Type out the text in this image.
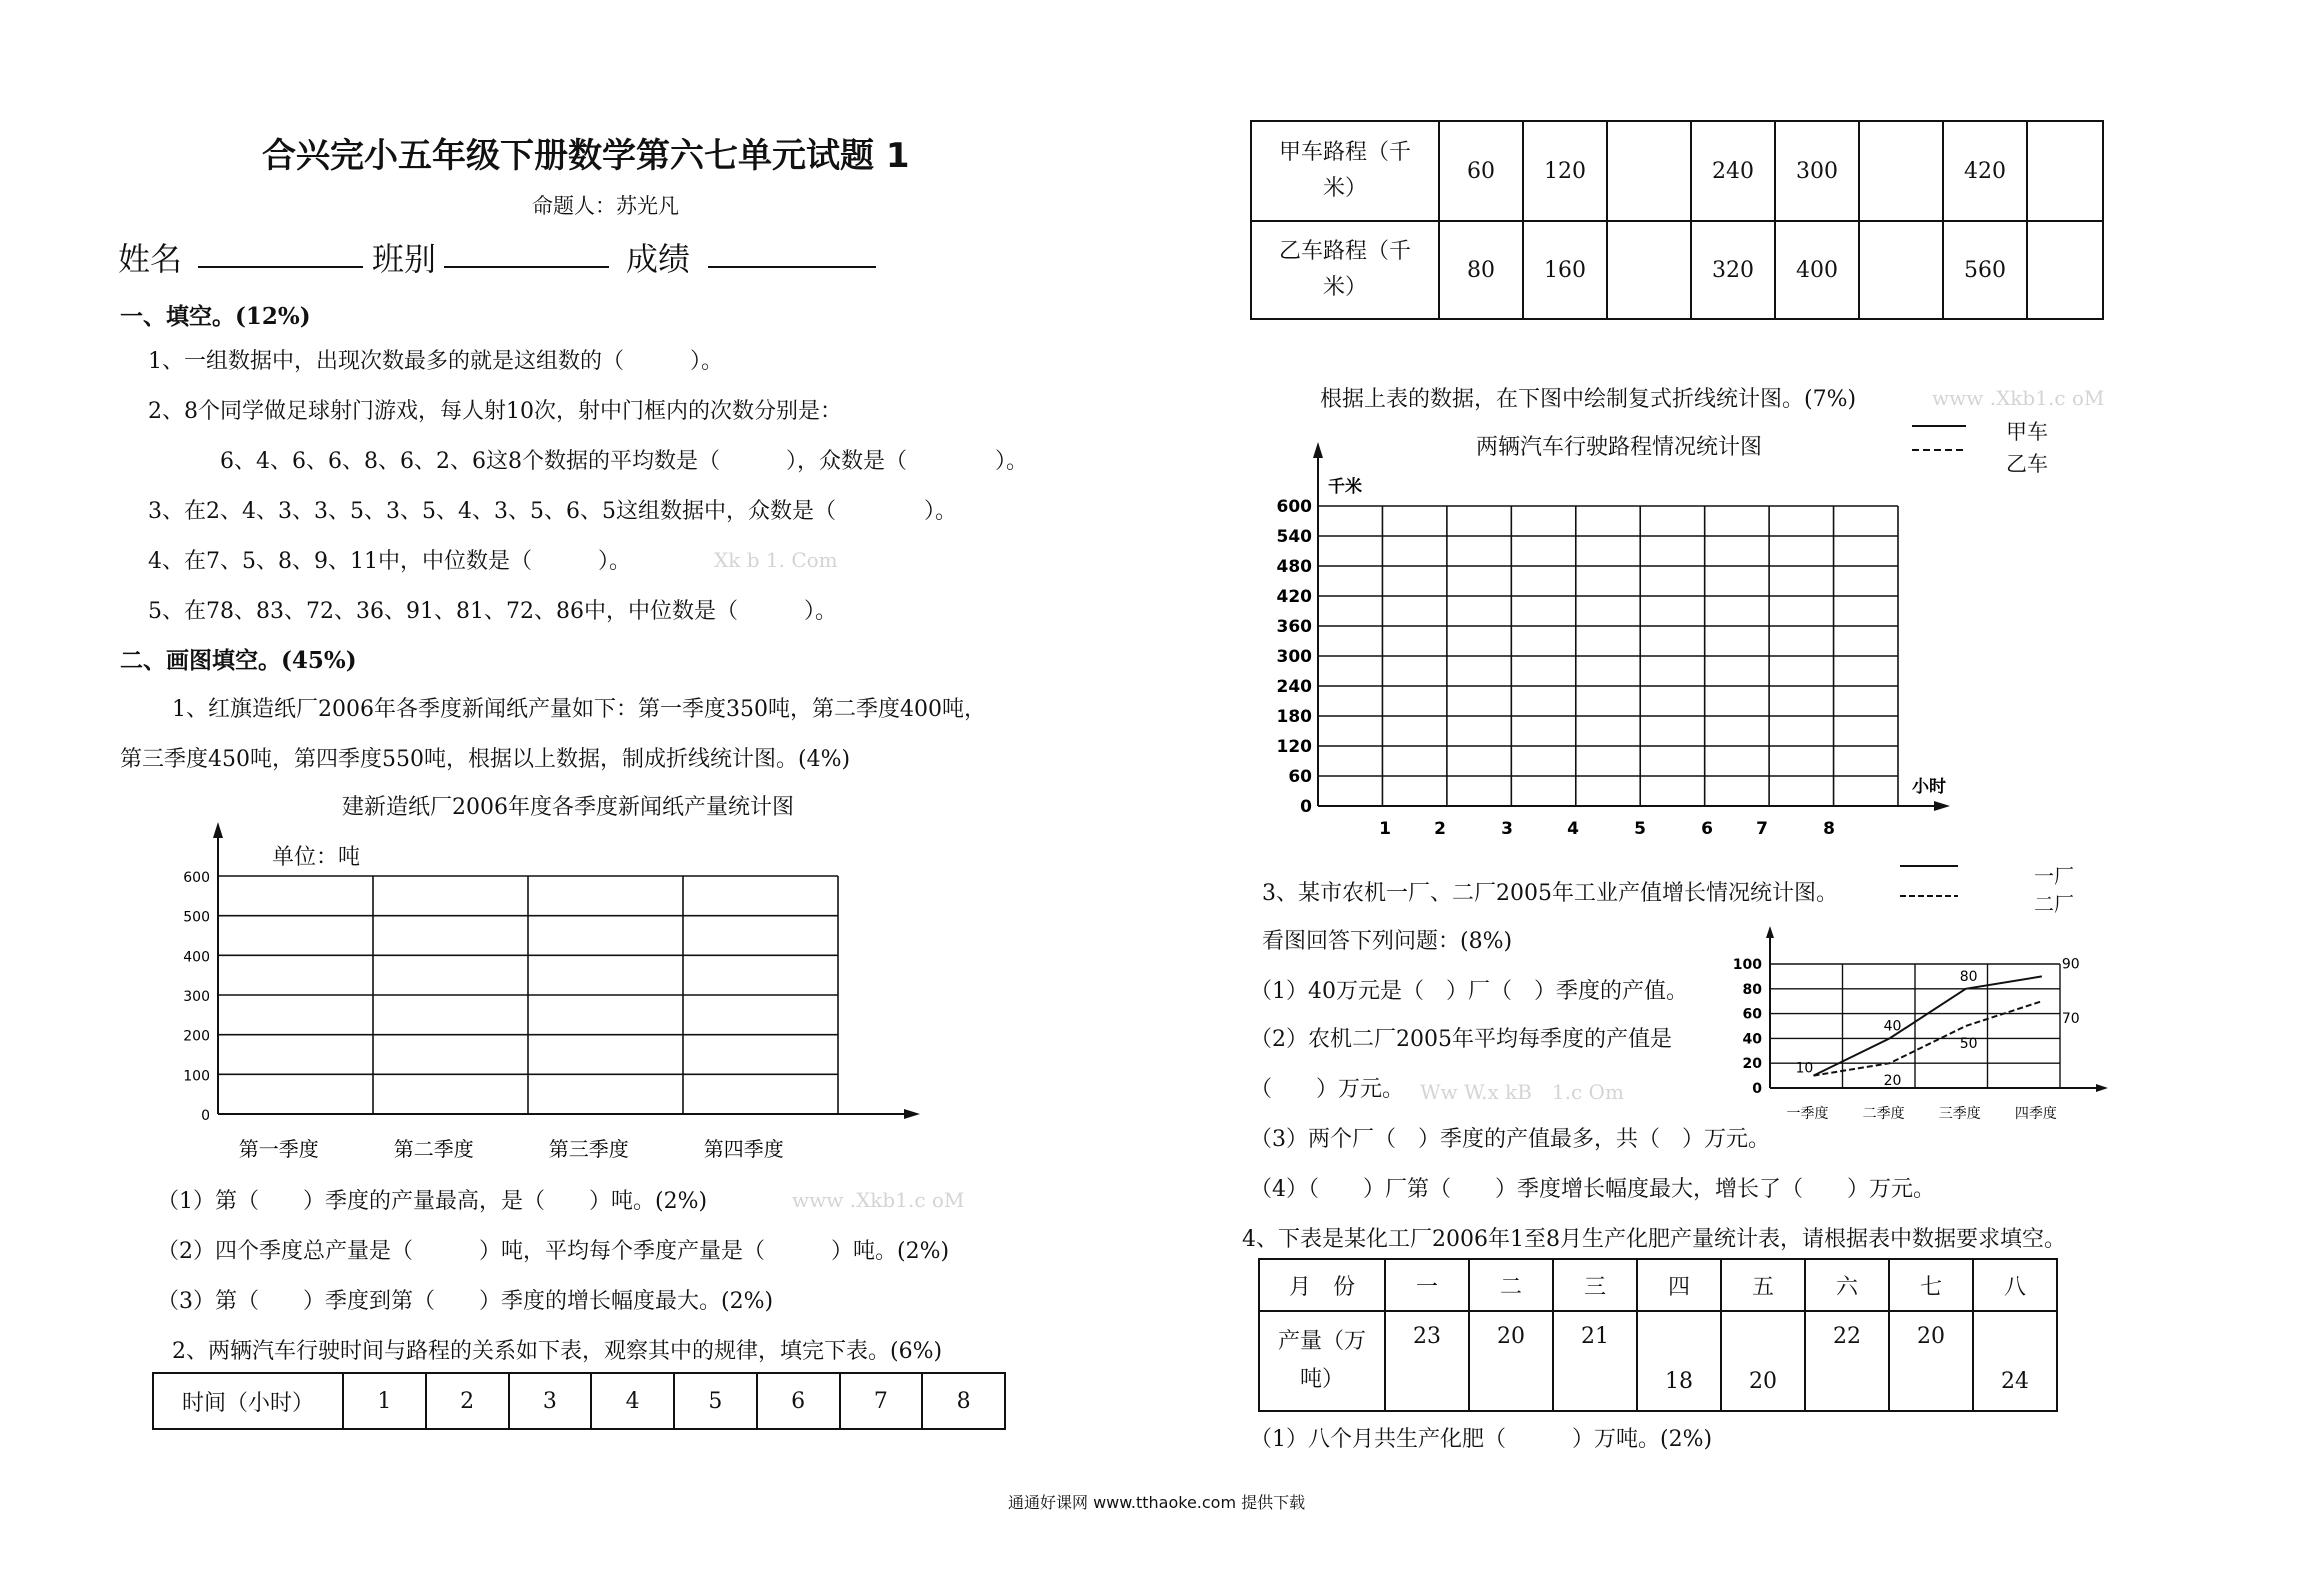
合兴完小五年级下册数学第六七单元试题 1
命题人：苏光凡
姓名	班别	成绩
一、填空。(12%)
1、一组数据中，出现次数最多的就是这组数的（　　　）。
2、8个同学做足球射门游戏，每人射10次，射中门框内的次数分别是：
6、4、6、6、8、6、2、6这8个数据的平均数是（　　　），众数是（　　　　）。
3、在2、4、3、3、5、3、5、4、3、5、6、5这组数据中，众数是（　　　　）。
4、在7、5、8、9、11中，中位数是（　　　）。	Xk b 1. Com
5、在78、83、72、36、91、81、72、86中，中位数是（　　　）。
二、画图填空。(45%)
1、红旗造纸厂2006年各季度新闻纸产量如下：第一季度350吨，第二季度400吨，
第三季度450吨，第四季度550吨，根据以上数据，制成折线统计图。(4%)
建新造纸厂2006年度各季度新闻纸产量统计图
单位：吨
0
100
200
300
400
500
600
第一季度	第二季度	第三季度	第四季度
0
60
120
180
240
300
360
420
480
540
600
1	2	3	4	5	6	7	8
千米
小时
0
20
40
60
80
100
一季度 二季度 三季度 四季度
10
40
80
90
20
50
70
（1）第（　　）季度的产量最高，是（　　）吨。(2%)	www .Xkb1.c oM
（2）四个季度总产量是（　　　）吨，平均每个季度产量是（　　　）吨。(2%)
（3）第（　　）季度到第（　　）季度的增长幅度最大。(2%)
2、两辆汽车行驶时间与路程的关系如下表，观察其中的规律，填完下表。(6%)
时间（小时）	1	2	3	4	5	6	7	8
甲车路程（千
米）	60	120		240	300		420	
乙车路程（千
米）	80	160		320	400		560	
根据上表的数据，在下图中绘制复式折线统计图。(7%)	www .Xkb1.c oM
两辆汽车行驶路程情况统计图
甲车
乙车
3、某市农机一厂、二厂2005年工业产值增长情况统计图。
一厂
二厂
看图回答下列问题：(8%)
（1）40万元是（　）厂（　）季度的产值。
（2）农机二厂2005年平均每季度的产值是
（　　）万元。 Ww W.x kB　1.c Om
（3）两个厂（　）季度的产值最多，共（　）万元。
（4）（　　）厂第（　　）季度增长幅度最大，增长了（　　）万元。
4、下表是某化工厂2006年1至8月生产化肥产量统计表，请根据表中数据要求填空。
月　份	一	二	三	四	五	六	七	八
产量（万
吨）	23	20	21	18	20	22	20	24
（1）八个月共生产化肥（　　　）万吨。(2%)
通通好课网 www.tthaoke.com 提供下载
